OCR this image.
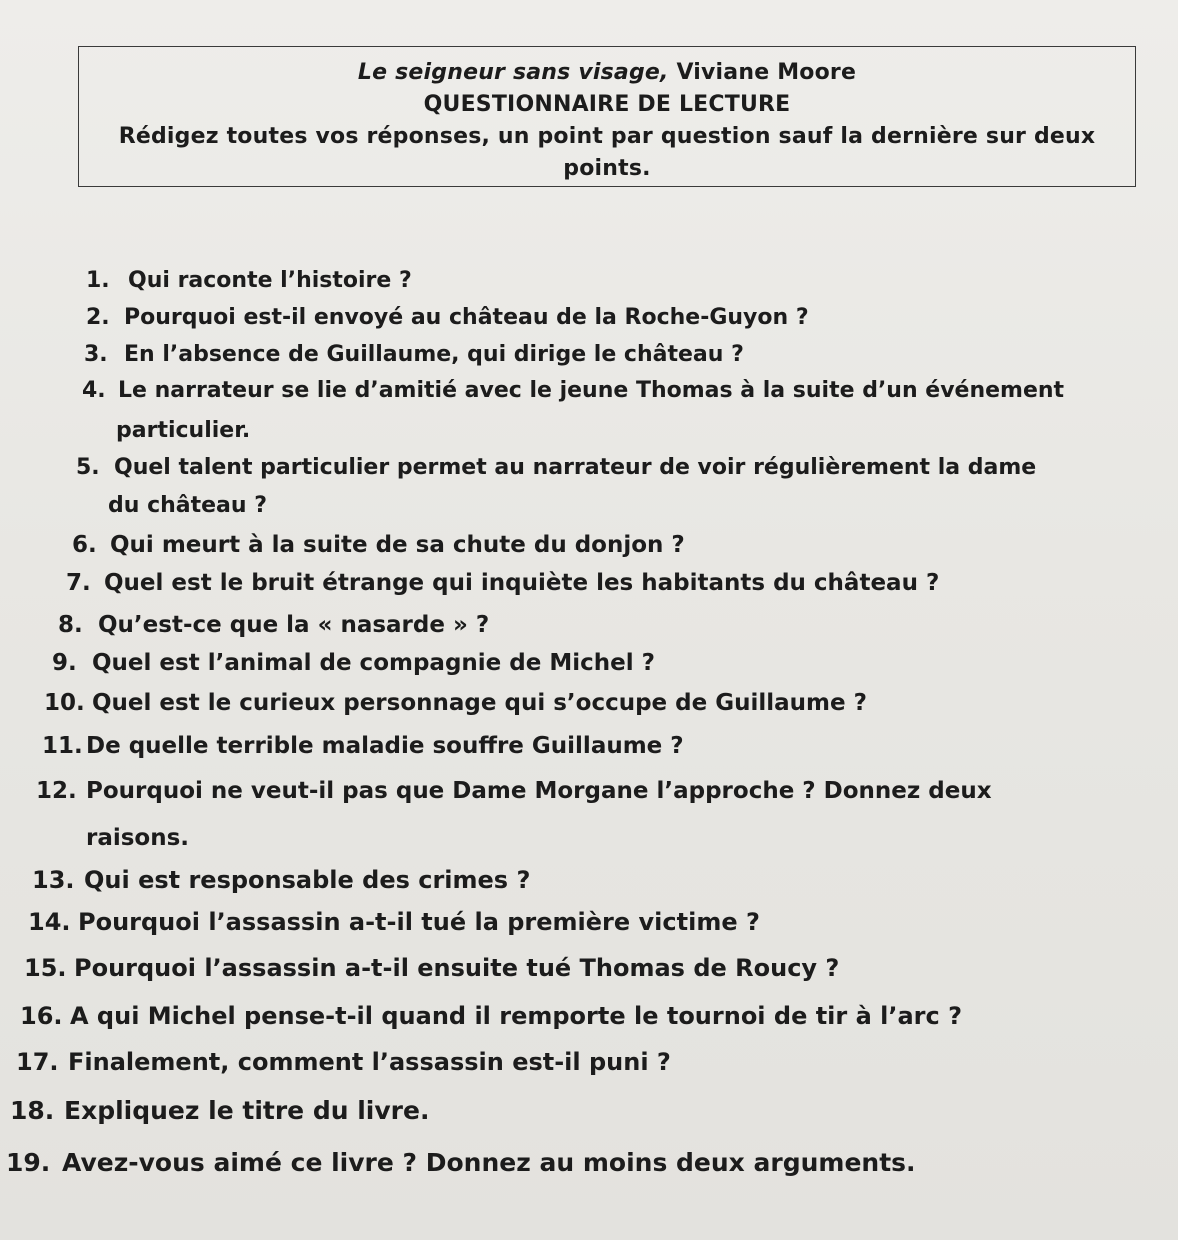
Le seigneur sans visage, Viviane Moore
QUESTIONNAIRE DE LECTURE
Rédigez toutes vos réponses, un point par question sauf la dernière sur deux
points.
1. Qui raconte l’histoire ?
2. Pourquoi est-il envoyé au château de la Roche-Guyon ?
3. En l’absence de Guillaume, qui dirige le château ?
4. Le narrateur se lie d’amitié avec le jeune Thomas à la suite d’un événement
particulier.
5. Quel talent particulier permet au narrateur de voir régulièrement la dame
du château ?
6. Qui meurt à la suite de sa chute du donjon ?
7. Quel est le bruit étrange qui inquiète les habitants du château ?
8. Qu’est-ce que la « nasarde » ?
9. Quel est l’animal de compagnie de Michel ?
10. Quel est le curieux personnage qui s’occupe de Guillaume ?
11. De quelle terrible maladie souffre Guillaume ?
12. Pourquoi ne veut-il pas que Dame Morgane l’approche ? Donnez deux
raisons.
13. Qui est responsable des crimes ?
14. Pourquoi l’assassin a-t-il tué la première victime ?
15. Pourquoi l’assassin a-t-il ensuite tué Thomas de Roucy ?
16. A qui Michel pense-t-il quand il remporte le tournoi de tir à l’arc ?
17. Finalement, comment l’assassin est-il puni ?
18. Expliquez le titre du livre.
19. Avez-vous aimé ce livre ? Donnez au moins deux arguments.
